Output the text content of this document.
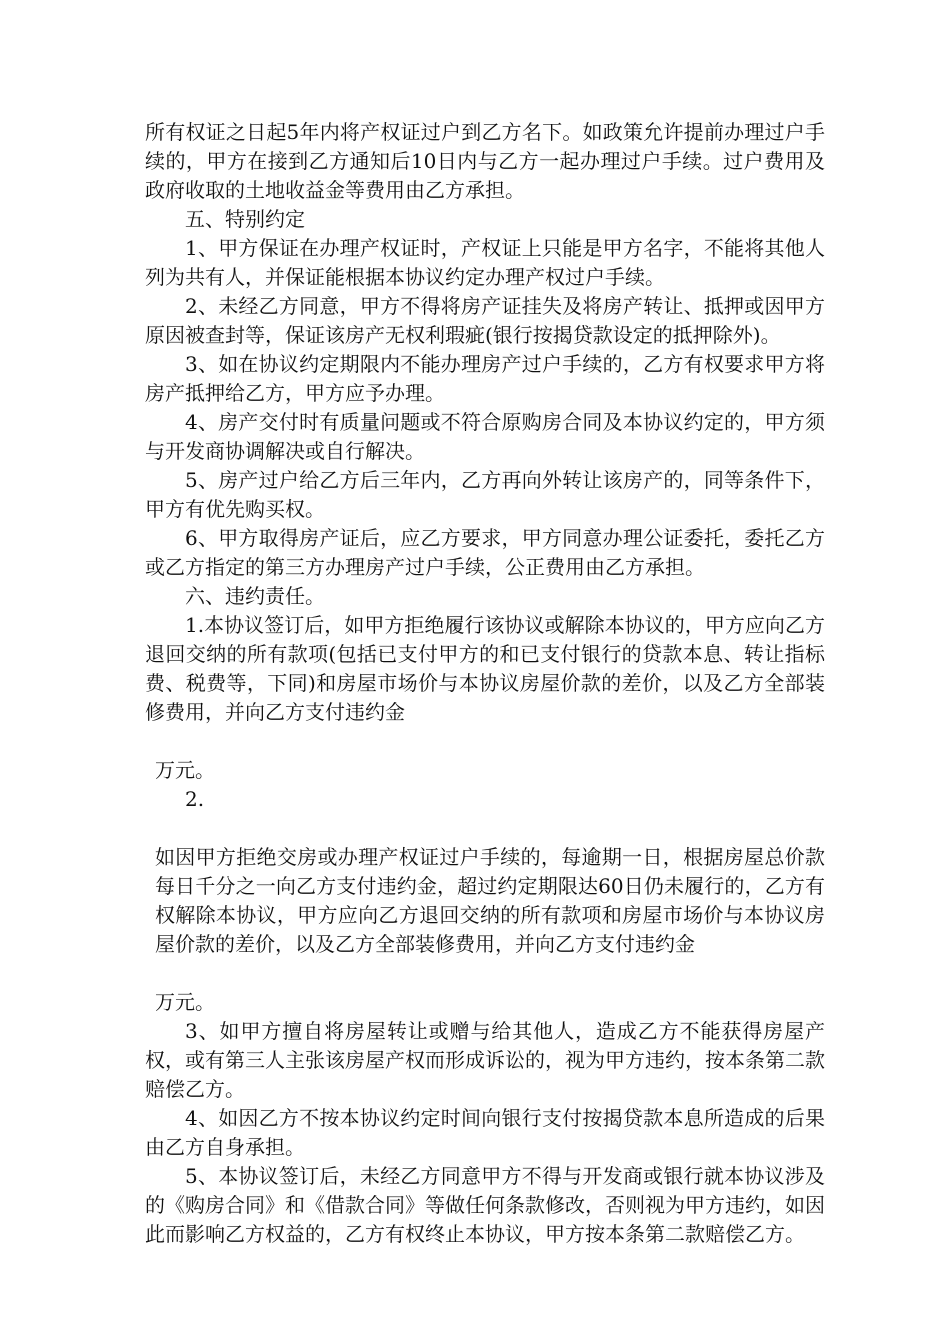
所有权证之日起5年内将产权证过户到乙方名下。如政策允许提前办理过户手续的，甲方在接到乙方通知后10日内与乙方一起办理过户手续。过户费用及政府收取的土地收益金等费用由乙方承担。

五、特别约定

1、甲方保证在办理产权证时，产权证上只能是甲方名字，不能将其他人列为共有人，并保证能根据本协议约定办理产权过户手续。

2、未经乙方同意，甲方不得将房产证挂失及将房产转让、抵押或因甲方原因被查封等，保证该房产无权利瑕疵(银行按揭贷款设定的抵押除外)。

3、如在协议约定期限内不能办理房产过户手续的，乙方有权要求甲方将房产抵押给乙方，甲方应予办理。

4、房产交付时有质量问题或不符合原购房合同及本协议约定的，甲方须与开发商协调解决或自行解决。

5、房产过户给乙方后三年内，乙方再向外转让该房产的，同等条件下，甲方有优先购买权。

6、甲方取得房产证后，应乙方要求，甲方同意办理公证委托，委托乙方或乙方指定的第三方办理房产过户手续，公正费用由乙方承担。

六、违约责任。

1.本协议签订后，如甲方拒绝履行该协议或解除本协议的，甲方应向乙方退回交纳的所有款项(包括已支付甲方的和已支付银行的贷款本息、转让指标费、税费等，下同)和房屋市场价与本协议房屋价款的差价，以及乙方全部装修费用，并向乙方支付违约金

万元。

2.

如因甲方拒绝交房或办理产权证过户手续的，每逾期一日，根据房屋总价款每日千分之一向乙方支付违约金，超过约定期限达60日仍未履行的，乙方有权解除本协议，甲方应向乙方退回交纳的所有款项和房屋市场价与本协议房屋价款的差价，以及乙方全部装修费用，并向乙方支付违约金

万元。

3、如甲方擅自将房屋转让或赠与给其他人，造成乙方不能获得房屋产权，或有第三人主张该房屋产权而形成诉讼的，视为甲方违约，按本条第二款赔偿乙方。

4、如因乙方不按本协议约定时间向银行支付按揭贷款本息所造成的后果由乙方自身承担。

5、本协议签订后，未经乙方同意甲方不得与开发商或银行就本协议涉及的《购房合同》和《借款合同》等做任何条款修改，否则视为甲方违约，如因此而影响乙方权益的，乙方有权终止本协议，甲方按本条第二款赔偿乙方。
